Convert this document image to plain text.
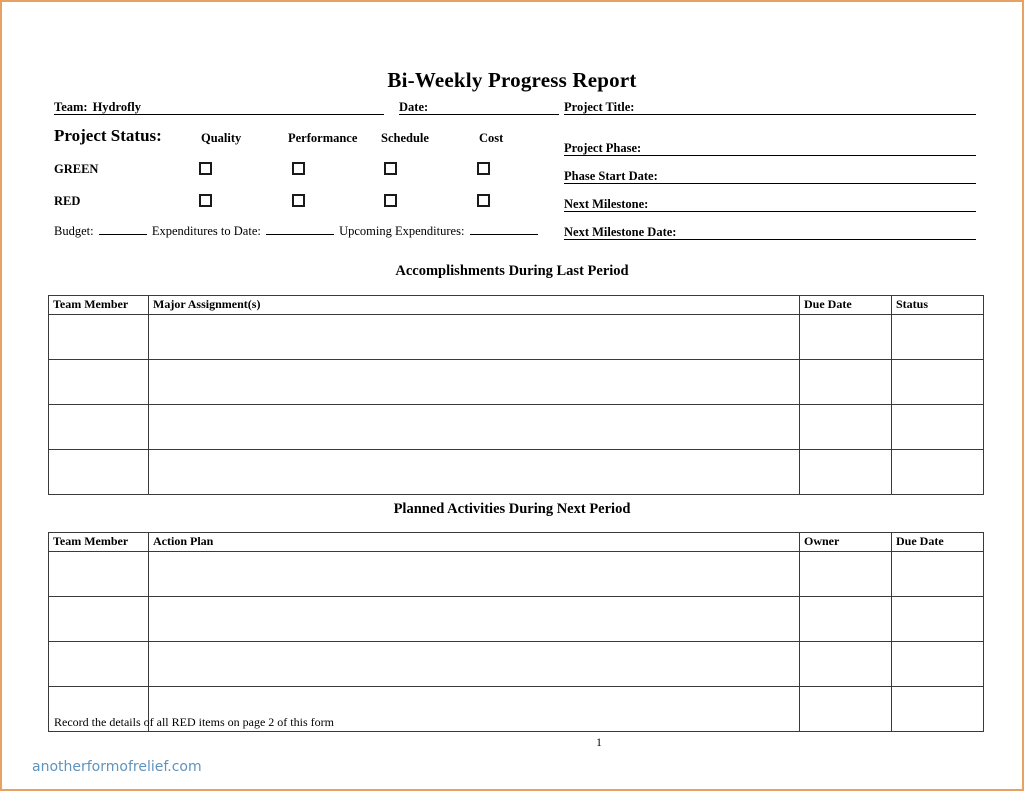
Bi-Weekly Progress Report
Team: Hydrofly	Date:	Project Title:
Project Status:	Quality	Performance Schedule	Cost
GREEN
RED
Budget:	Expenditures to Date:	Upcoming Expenditures:
Project Phase:
Phase Start Date:
Next Milestone:
Next Milestone Date:
Accomplishments During Last Period
Team Member	Major Assignment(s)	Due Date	Status

Planned Activities During Next Period
Team Member	Action Plan	Owner	Due Date

Record the details of all RED items on page 2 of this form
1
anotherformofrelief.com
